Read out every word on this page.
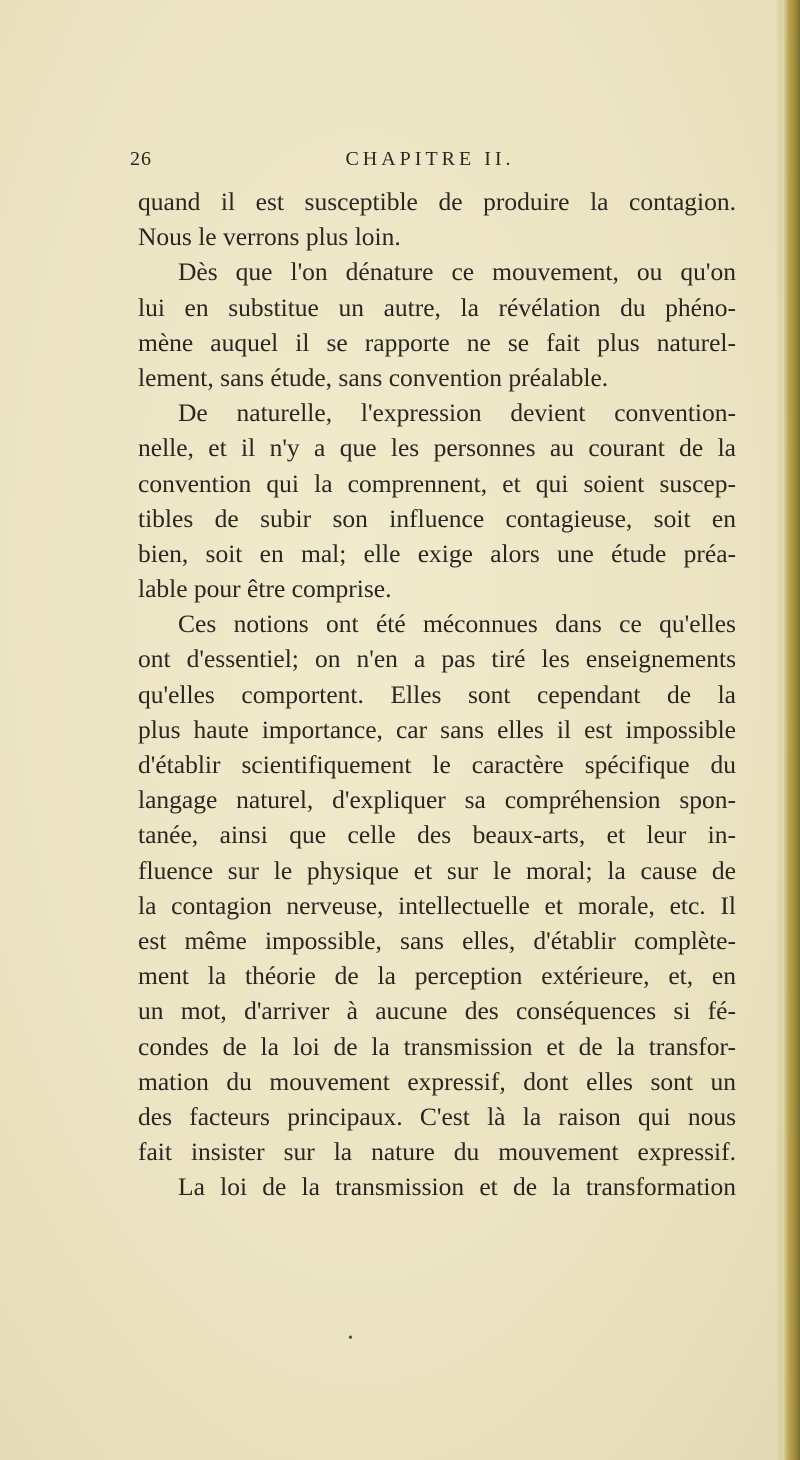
26	CHAPITRE II.
quand il est susceptible de produire la contagion.
Nous le verrons plus loin.
Dès que l'on dénature ce mouvement, ou qu'on
lui en substitue un autre, la révélation du phéno-
mène auquel il se rapporte ne se fait plus naturel-
lement, sans étude, sans convention préalable.
De naturelle, l'expression devient convention-
nelle, et il n'y a que les personnes au courant de la
convention qui la comprennent, et qui soient suscep-
tibles de subir son influence contagieuse, soit en
bien, soit en mal; elle exige alors une étude préa-
lable pour être comprise.
Ces notions ont été méconnues dans ce qu'elles
ont d'essentiel; on n'en a pas tiré les enseignements
qu'elles comportent. Elles sont cependant de la
plus haute importance, car sans elles il est impossible
d'établir scientifiquement le caractère spécifique du
langage naturel, d'expliquer sa compréhension spon-
tanée, ainsi que celle des beaux-arts, et leur in-
fluence sur le physique et sur le moral; la cause de
la contagion nerveuse, intellectuelle et morale, etc. Il
est même impossible, sans elles, d'établir complète-
ment la théorie de la perception extérieure, et, en
un mot, d'arriver à aucune des conséquences si fé-
condes de la loi de la transmission et de la transfor-
mation du mouvement expressif, dont elles sont un
des facteurs principaux. C'est là la raison qui nous
fait insister sur la nature du mouvement expressif.
La loi de la transmission et de la transformation
•
